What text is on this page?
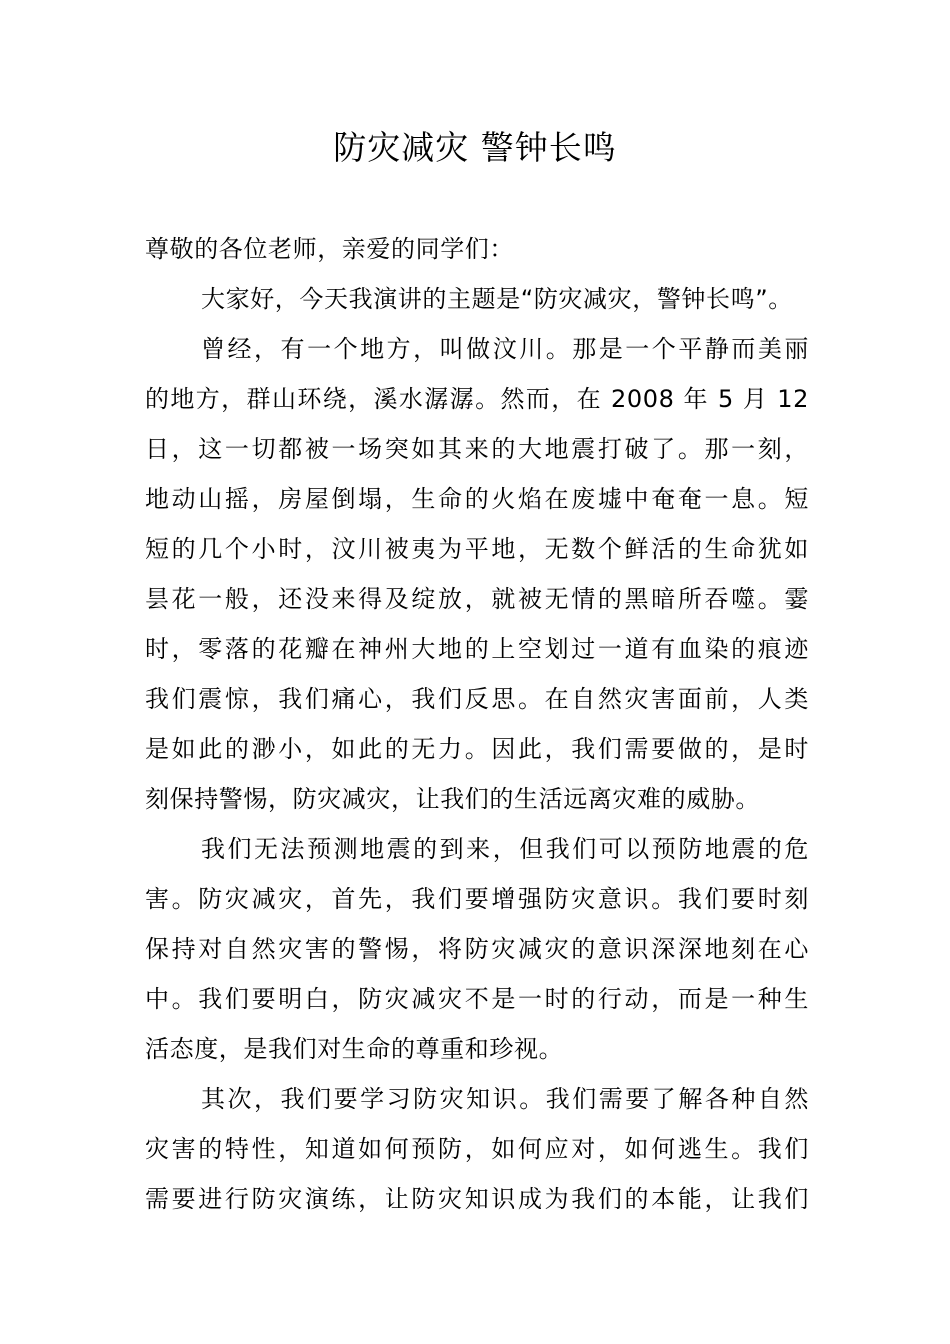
防灾减灾 警钟长鸣
尊敬的各位老师，亲爱的同学们：
大家好，今天我演讲的主题是“防灾减灾，警钟长鸣”。
曾经，有一个地方，叫做汶川。那是一个平静而美丽
的地方，群山环绕，溪水潺潺。然而，在 2008 年 5 月 12
日，这一切都被一场突如其来的大地震打破了。那一刻，
地动山摇，房屋倒塌，生命的火焰在废墟中奄奄一息。短
短的几个小时，汶川被夷为平地，无数个鲜活的生命犹如
昙花一般，还没来得及绽放，就被无情的黑暗所吞噬。霎
时，零落的花瓣在神州大地的上空划过一道有血染的痕迹
我们震惊，我们痛心，我们反思。在自然灾害面前，人类
是如此的渺小，如此的无力。因此，我们需要做的，是时
刻保持警惕，防灾减灾，让我们的生活远离灾难的威胁。
我们无法预测地震的到来，但我们可以预防地震的危
害。防灾减灾，首先，我们要增强防灾意识。我们要时刻
保持对自然灾害的警惕，将防灾减灾的意识深深地刻在心
中。我们要明白，防灾减灾不是一时的行动，而是一种生
活态度，是我们对生命的尊重和珍视。
其次，我们要学习防灾知识。我们需要了解各种自然
灾害的特性，知道如何预防，如何应对，如何逃生。我们
需要进行防灾演练，让防灾知识成为我们的本能，让我们
